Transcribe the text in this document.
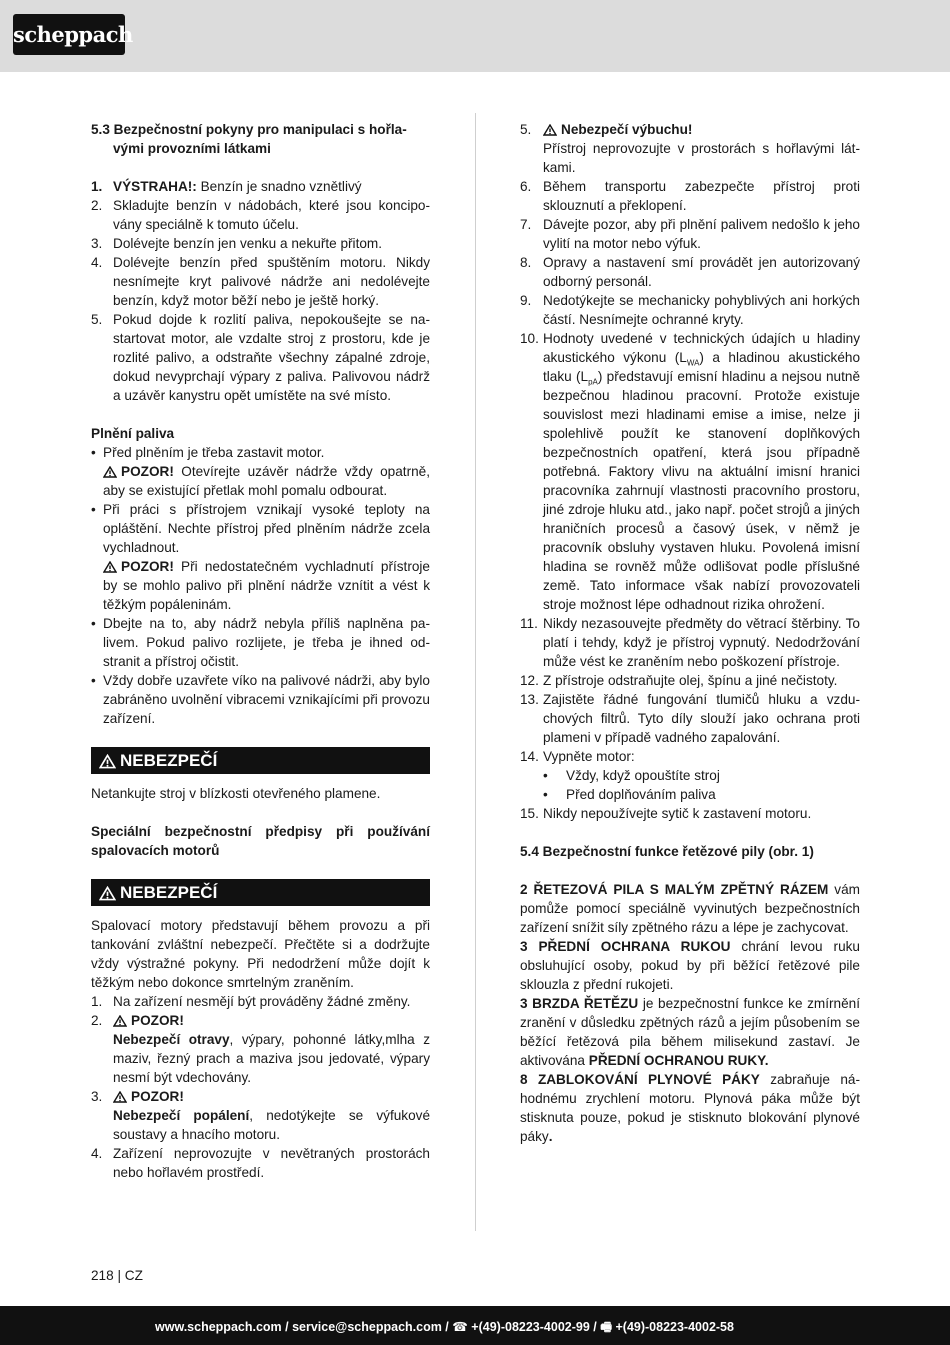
scheppach
5.3 Bezpečnostní pokyny pro manipulaci s hořla-
vými provozními látkami
1. VÝSTRAHA!: Benzín je snadno vznětlivý
2. Skladujte benzín v nádobách, které jsou koncipovány speciálně k tomuto účelu.
3. Dolévejte benzín jen venku a nekuřte přitom.
4. Dolévejte benzín před spuštěním motoru. Nikdy nesnímejte kryt palivové nádrže ani nedolévejte benzín, když motor běží nebo je ještě horký.
5. Pokud dojde k rozlití paliva, nepokoušejte se nastartovat motor, ale vzdalte stroj z prostoru, kde je rozlité palivo, a odstraňte všechny zápalné zdroje, dokud nevyprchají výpary z paliva. Palivovou nádrž a uzávěr kanystru opět umístěte na své místo.

Plnění paliva

• Před plněním je třeba zastavit motor.

POZOR! Otevírejte uzávěr nádrže vždy opatrně, aby se existující přetlak mohl pomalu odbourat.
• Při práci s přístrojem vznikají vysoké teploty na opláštění. Nechte přístroj před plněním nádrže zcela vychladnout.

POZOR! Při nedostatečném vychladnutí přístroje by se mohlo palivo při plnění nádrže vznítit a vést k těžkým popáleninám.
• Dbejte na to, aby nádrž nebyla příliš naplněna palivem. Pokud palivo rozlijete, je třeba je ihned odstranit a přístroj očistit.
• Vždy dobře uzavřete víko na palivové nádrži, aby bylo zabráněno uvolnění vibracemi vznikajícími při provozu zařízení.
NEBEZPEČÍ

Netankujte stroj v blízkosti otevřeného plamene.

Speciální bezpečnostní předpisy při používání spalovacích motorů

NEBEZPEČÍ

Spalovací motory představují během provozu a při tankování zvláštní nebezpečí. Přečtěte si a dodržujte vždy výstražné pokyny. Při nedodržení může dojít k těžkým nebo dokonce smrtelným zraněním.

1. Na zařízení nesmějí být prováděny žádné změny.
2. POZOR!
Nebezpečí otravy, výpary, pohonné látky,mlha z maziv, řezný prach a maziva jsou jedovaté, výpary nesmí být vdechovány.
3. POZOR!
Nebezpečí popálení, nedotýkejte se výfukové soustavy a hnacího motoru.
4. Zařízení neprovozujte v nevětraných prostorách nebo hořlavém prostředí.
5. Nebezpečí výbuchu!
Přístroj neprovozujte v prostorách s hořlavými látkami.
6. Během transportu zabezpečte přístroj proti sklouznutí a překlopení.
7. Dávejte pozor, aby při plnění palivem nedošlo k jeho vylití na motor nebo výfuk.
8. Opravy a nastavení smí provádět jen autorizovaný odborný personál.
9. Nedotýkejte se mechanicky pohyblivých ani horkých částí. Nesnímejte ochranné kryty.
10. Hodnoty uvedené v technických údajích u hladiny akustického výkonu $(L_{WA})$ a hladinou akustického tlaku $(L_{pA})$ představují emisní hladinu a nejsou nutně bezpečnou hladinou pracovní. Protože existuje souvislost mezi hladinami emise a imise, nelze ji spolehlivě použít ke stanovení doplňkových bezpečnostních opatření, která jsou případně potřebná. Faktory vlivu na aktuální imisní hranici pracovníka zahrnují vlastnosti pracovního prostoru, jiné zdroje hluku atd., jako např. počet strojů a jiných hraničních procesů a časový úsek, v němž je pracovník obsluhy vystaven hluku. Povolená imisní hladina se rovněž může odlišovat podle příslušné země. Tato informace však nabízí provozovateli stroje možnost lépe odhadnout rizika ohrožení.
11. Nikdy nezasouvejte předměty do větrací štěrbiny. To platí i tehdy, když je přístroj vypnutý. Nedodržování může vést ke zraněním nebo poškození přístroje.
12. Z přístroje odstraňujte olej, špínu a jiné nečistoty.
13. Zajistěte řádné fungování tlumičů hluku a vzduchových filtrů. Tyto díly slouží jako ochrana proti plameni v případě vadného zapalování.
14. Vypněte motor:
• Vždy, když opouštíte stroj
• Před doplňováním paliva
15. Nikdy nepoužívejte sytič k zastavení motoru.

5.4 Bezpečnostní funkce řetězové pily (obr. 1)

2 ŘETEZOVÁ PILA S MALÝM ZPĚTNÝ RÁZEM vám pomůže pomocí speciálně vyvinutých bezpečnostních zařízení snížit síly zpětného rázu a lépe je zachycovat.

3 PŘEDNÍ OCHRANA RUKOU chrání levou ruku obsluhující osoby, pokud by při běžící řetězové pile sklouzla z přední rukojeti.

3 BRZDA ŘETĚZU je bezpečnostní funkce ke zmírnění zranění v důsledku zpětných rázů a jejím působením se běžící řetězová pila během milisekund zastaví. Je aktivována PŘEDNÍ OCHRANOU RUKY.

8 ZABLOKOVÁNÍ PLYNOVÉ PÁKY zabraňuje náhodnému zrychlení motoru. Plynová páka může být stisknuta pouze, pokud je stisknuto blokování plynové páky.

218 | CZ
www.scheppach.com / service@scheppach.com / ☎ +(49)-08223-4002-99 / 🖷 +(49)-08223-4002-58
